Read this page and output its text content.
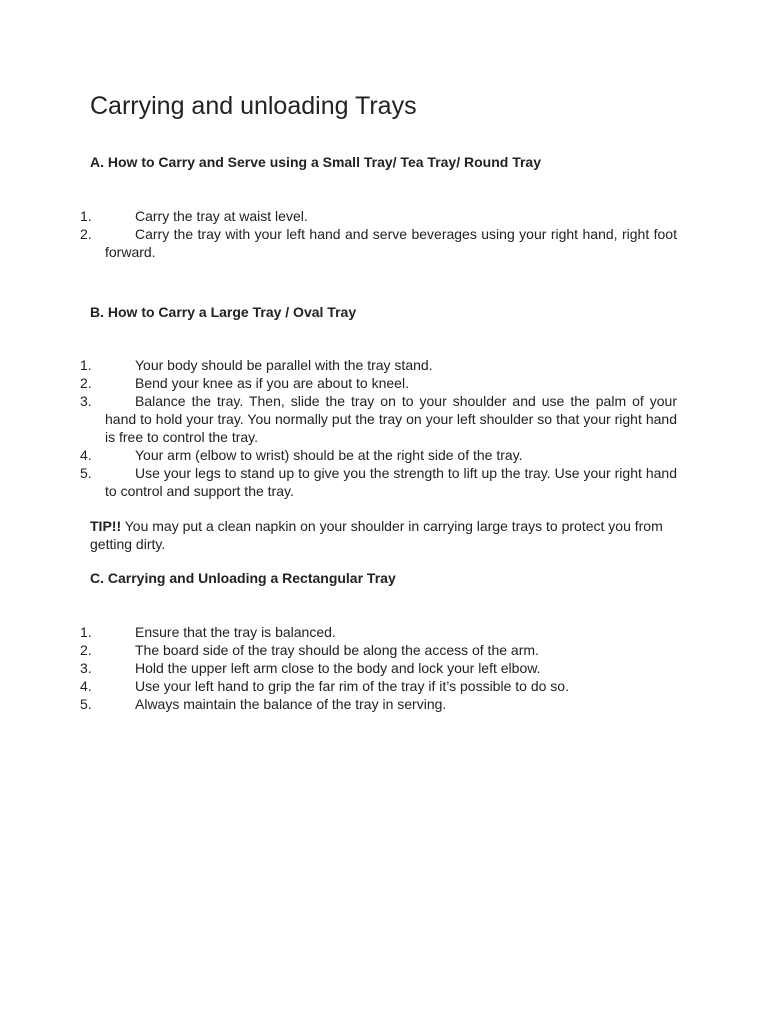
Carrying and unloading Trays
A. How to Carry and Serve using a Small Tray/ Tea Tray/ Round Tray
1.	Carry the tray at waist level.
2.	Carry the tray with your left hand and serve beverages using your right hand, right foot forward.
B. How to Carry a Large Tray / Oval Tray
1.	Your body should be parallel with the tray stand.
2.	Bend your knee as if you are about to kneel.
3.	Balance the tray. Then, slide the tray on to your shoulder and use the palm of your hand to hold your tray. You normally put the tray on your left shoulder so that your right hand is free to control the tray.
4.	Your arm (elbow to wrist) should be at the right side of the tray.
5.	Use your legs to stand up to give you the strength to lift up the tray. Use your right hand to control and support the tray.

TIP!! You may put a clean napkin on your shoulder in carrying large trays to protect you from getting dirty.

C. Carrying and Unloading a Rectangular Tray
1.	Ensure that the tray is balanced.
2.	The board side of the tray should be along the access of the arm.
3.	Hold the upper left arm close to the body and lock your left elbow.
4.	Use your left hand to grip the far rim of the tray if it’s possible to do so.
5.	Always maintain the balance of the tray in serving.
